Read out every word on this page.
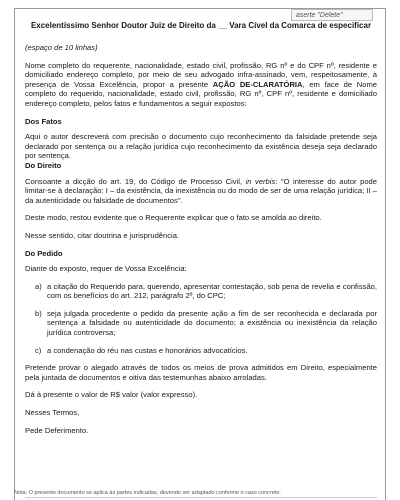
aserte "Delete"
Excelentíssimo Senhor Doutor Juiz de Direito da __ Vara Cível da Comarca de especificar

(espaço de 10 linhas)

Nome completo do requerente, nacionalidade, estado civil, profissão, RG nº e do CPF nº, residente e domiciliado endereço completo, por meio de seu advogado infra-assinado, vem, respeitosamente, à presença de Vossa Excelência, propor a presente AÇÃO DE-CLARATÓRIA, em face de Nome completo do requerido, nacionalidade, estado civil, profissão, RG nº, CPF nº, residente e domiciliado endereço completo, pelos fatos e fundamentos a seguir expostos:

Dos Fatos

Aqui o autor descreverá com precisão o documento cujo reconhecimento da falsidade pretende seja declarado por sentença ou a relação jurídica cujo reconhecimento da existência deseja seja declarado por sentença.

Do Direito

Consoante a dicção do art. 19, do Código de Processo Civil, in verbis: "O interesse do autor pode limitar-se à declaração: I – da existência, da inexistência ou do modo de ser de uma relação jurídica; II – da autenticidade ou falsidade de documentos".

Deste modo, restou evidente que o Requerente explicar que o fato se amolda ao direito.

Nesse sentido, citar doutrina e jurisprudência.

Do Pedido

Diante do exposto, requer de Vossa Excelência:

a) a citação do Requerido para, querendo, apresentar contestação, sob pena de revelia e confissão, com os benefícios do art. 212, parágrafo 2º, do CPC;
b) seja julgada procedente o pedido da presente ação a fim de ser reconhecida e declarada por sentença a falsidade ou autenticidade do documento; a existência ou inexistência da relação jurídica controversa;
c) a condenação do réu nas custas e honorários advocatícios.

Pretende provar o alegado através de todos os meios de prova admitidos em Direito, especialmente pela juntada de documentos e oitiva das testemunhas abaixo arroladas.

Dá à presente o valor de R$ valor (valor expresso).

Nesses Termos,

Pede Deferimento.

Nota: O presente documento se aplica às partes indicadas, devendo ser adaptado conforme o caso concreto.
